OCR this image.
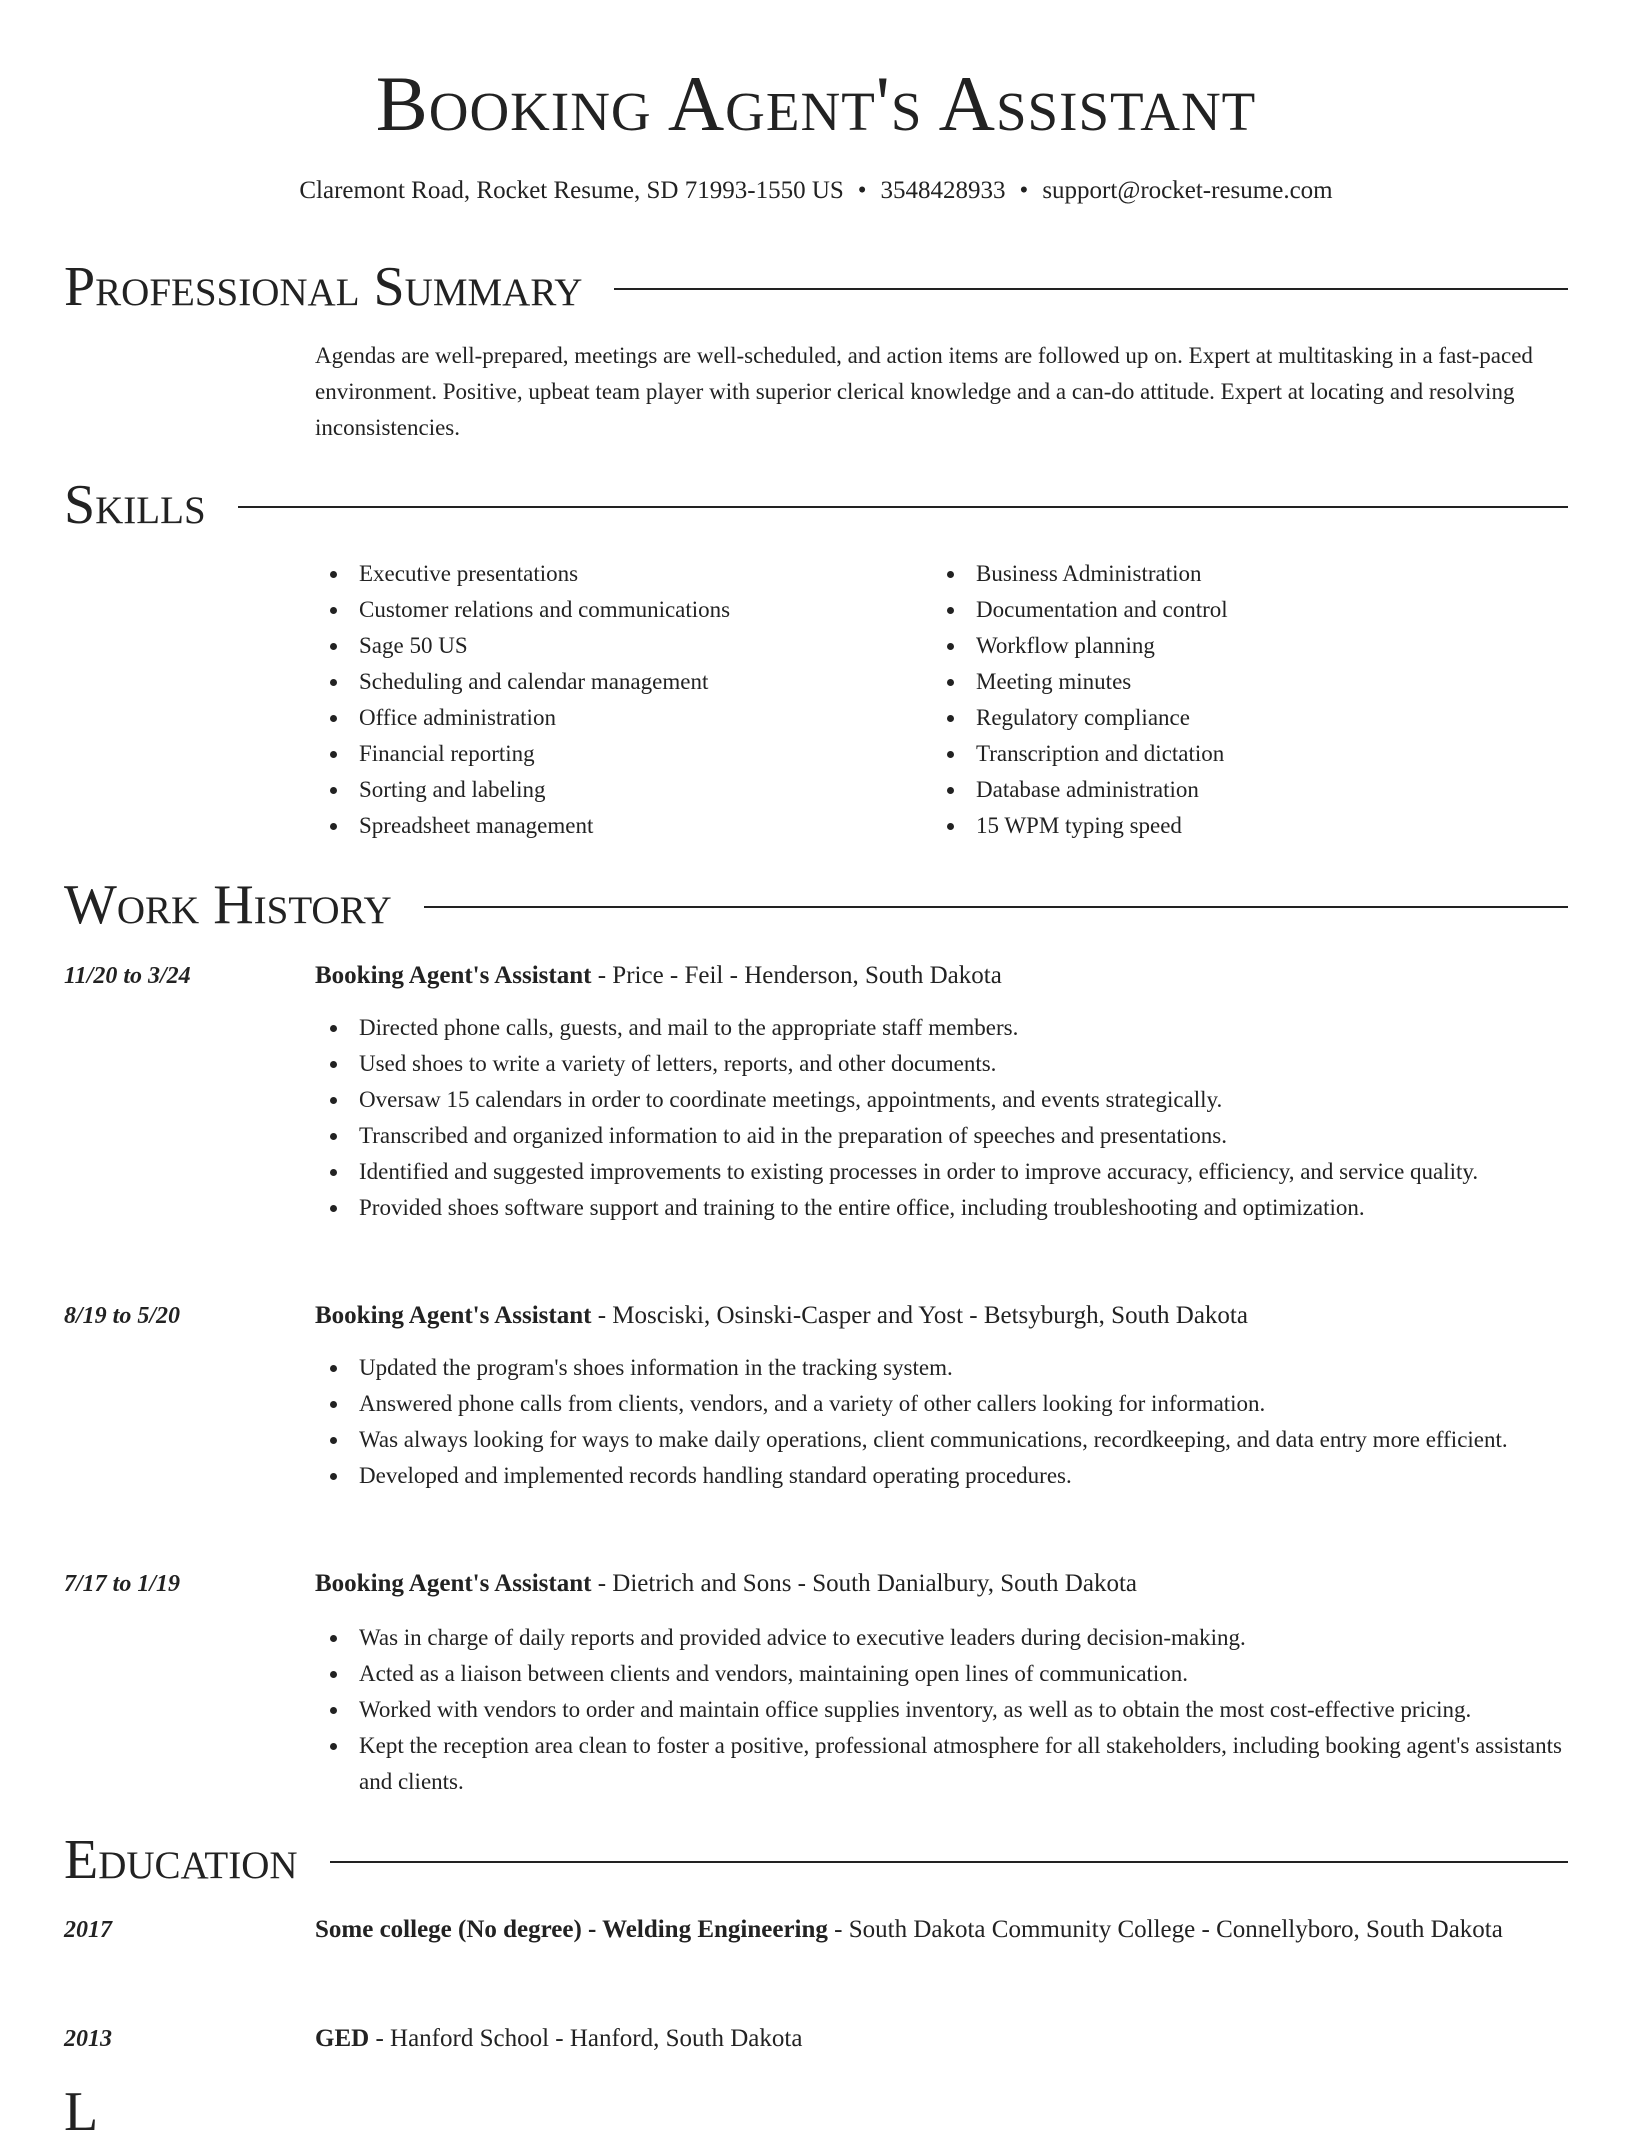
Booking Agent's Assistant
Claremont Road, Rocket Resume, SD 71993-1550 US • 3548428933 • support@rocket-resume.com
Professional Summary
Agendas are well-prepared, meetings are well-scheduled, and action items are followed up on. Expert at multitasking in a fast-paced environment. Positive, upbeat team player with superior clerical knowledge and a can-do attitude. Expert at locating and resolving inconsistencies.
Skills
Executive presentations
Customer relations and communications
Sage 50 US
Scheduling and calendar management
Office administration
Financial reporting
Sorting and labeling
Spreadsheet management
Business Administration
Documentation and control
Workflow planning
Meeting minutes
Regulatory compliance
Transcription and dictation
Database administration
15 WPM typing speed
Work History
11/20 to 3/24	Booking Agent's Assistant - Price - Feil - Henderson, South Dakota
Directed phone calls, guests, and mail to the appropriate staff members.
Used shoes to write a variety of letters, reports, and other documents.
Oversaw 15 calendars in order to coordinate meetings, appointments, and events strategically.
Transcribed and organized information to aid in the preparation of speeches and presentations.
Identified and suggested improvements to existing processes in order to improve accuracy, efficiency, and service quality.
Provided shoes software support and training to the entire office, including troubleshooting and optimization.
8/19 to 5/20	Booking Agent's Assistant - Mosciski, Osinski-Casper and Yost - Betsyburgh, South Dakota
Updated the program's shoes information in the tracking system.
Answered phone calls from clients, vendors, and a variety of other callers looking for information.
Was always looking for ways to make daily operations, client communications, recordkeeping, and data entry more efficient.
Developed and implemented records handling standard operating procedures.
7/17 to 1/19	Booking Agent's Assistant - Dietrich and Sons - South Danialbury, South Dakota
Was in charge of daily reports and provided advice to executive leaders during decision-making.
Acted as a liaison between clients and vendors, maintaining open lines of communication.
Worked with vendors to order and maintain office supplies inventory, as well as to obtain the most cost-effective pricing.
Kept the reception area clean to foster a positive, professional atmosphere for all stakeholders, including booking agent's assistants and clients.
Education
2017	Some college (No degree) - Welding Engineering - South Dakota Community College - Connellyboro, South Dakota
2013	GED - Hanford School - Hanford, South Dakota
L
